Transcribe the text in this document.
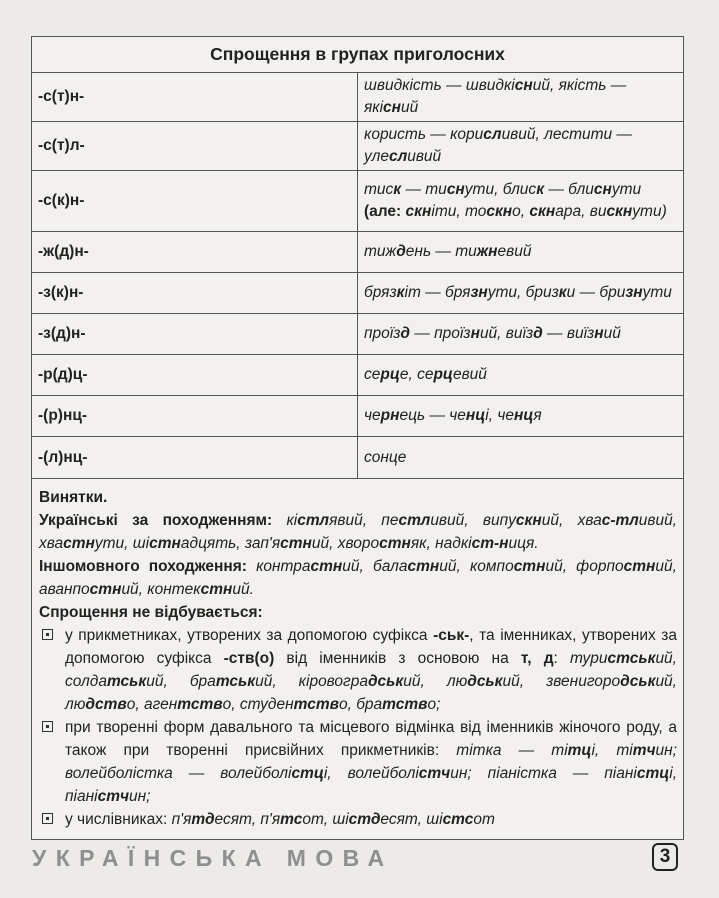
Спрощення в групах приголосних	
-с(т)н-	швидкість — швидкісний, якість — якісний
-с(т)л-	користь — корисливий, лестити — улесливий
-с(к)н-	тиск — тиснути, блиск — блиснути (але: скніти, тоскно, скнара, вискнути)
-ж(д)н-	тиждень — тижневий
-з(к)н-	брязкіт — брязнути, бризки — бризнути
-з(д)н-	проїзд — проїзний, виїзд — виїзний
-р(д)ц-	серце, серцевий
-(р)нц-	чернець — ченці, ченця
-(л)нц-	сонце
Винятки.
Українські за походженням: кістлявий, пестливий, випускний, хвас-тливий, хвастнути, шістнадцять, зап'ястний, хворостняк, надкіст-ниця.
Іншомовного походження: контрастний, баластний, компостний, форпостний, аванпостний, контекстний.
Спрощення не відбувається:
у прикметниках, утворених за допомогою суфікса -ськ-, та іменниках, утворених за допомогою суфікса -ств(о) від іменників з основою на т, д: туристський, солдатський, братський, кіровоградський, людський, звенигородський, людство, агентство, студентство, братство;
при творенні форм давального та місцевого відмінка від іменників жіночого роду, а також при творенні присвійних прикметників: тітка — тітці, тітчин; волейболістка — волейболістці, волейболістчин; піаністка — піаністці, піаністчин;
у числівниках: п'ятдесят, п'ятсот, шістдесят, шістсот
УКРАЇНСЬКА МОВА	3
